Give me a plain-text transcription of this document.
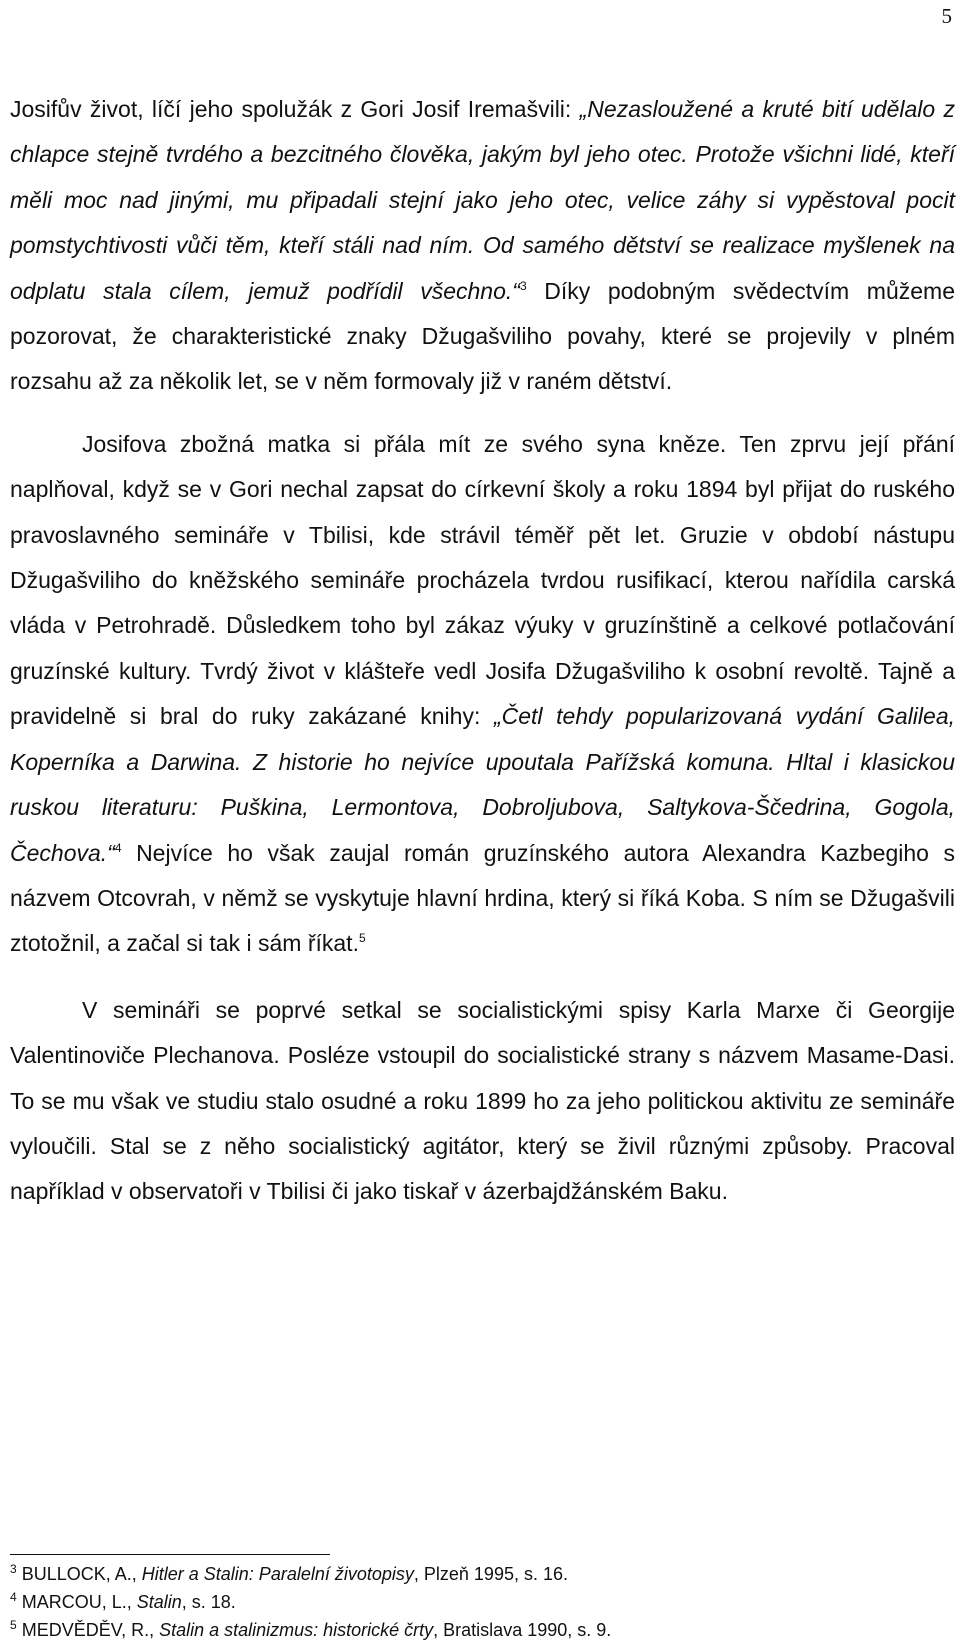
5

Josifův život, líčí jeho spolužák z Gori Josif Iremašvili: „Nezasloužené a kruté bití udělalo z chlapce stejně tvrdého a bezcitného člověka, jakým byl jeho otec. Protože všichni lidé, kteří měli moc nad jinými, mu připadali stejní jako jeho otec, velice záhy si vypěstoval pocit pomstychtivosti vůči těm, kteří stáli nad ním. Od samého dětství se realizace myšlenek na odplatu stala cílem, jemuž podřídil všechno.“$^3$ Díky podobným svědectvím můžeme pozorovat, že charakteristické znaky Džugašviliho povahy, které se projevily v plném rozsahu až za několik let, se v něm formovaly již v raném dětství.

Josifova zbožná matka si přála mít ze svého syna kněze. Ten zprvu její přání naplňoval, když se v Gori nechal zapsat do církevní školy a roku 1894 byl přijat do ruského pravoslavného semináře v Tbilisi, kde strávil téměř pět let. Gruzie v období nástupu Džugašviliho do kněžského semináře procházela tvrdou rusifikací, kterou nařídila carská vláda v Petrohradě. Důsledkem toho byl zákaz výuky v gruzínštině a celkové potlačování gruzínské kultury. Tvrdý život v klášteře vedl Josifa Džugašviliho k osobní revoltě. Tajně a pravidelně si bral do ruky zakázané knihy: „Četl tehdy popularizovaná vydání Galilea, Koperníka a Darwina. Z historie ho nejvíce upoutala Pařížská komuna. Hltal i klasickou ruskou literaturu: Puškina, Lermontova, Dobroljubova, Saltykova-Ščedrina, Gogola, Čechova.“$^4$ Nejvíce ho však zaujal román gruzínského autora Alexandra Kazbegiho s názvem Otcovrah, v němž se vyskytuje hlavní hrdina, který si říká Koba. S ním se Džugašvili ztotožnil, a začal si tak i sám říkat.$^5$

V semináři se poprvé setkal se socialistickými spisy Karla Marxe či Georgije Valentinoviče Plechanova. Posléze vstoupil do socialistické strany s názvem Masame-Dasi. To se mu však ve studiu stalo osudné a roku 1899 ho za jeho politickou aktivitu ze semináře vyloučili. Stal se z něho socialistický agitátor, který se živil různými způsoby. Pracoval například v observatoři v Tbilisi či jako tiskař v ázerbajdžánském Baku.

$^3$ BULLOCK, A., Hitler a Stalin: Paralelní životopisy, Plzeň 1995, s. 16.
$^4$ MARCOU, L., Stalin, s. 18.
$^5$ MEDVĚDĚV, R., Stalin a stalinizmus: historické črty, Bratislava 1990, s. 9.
